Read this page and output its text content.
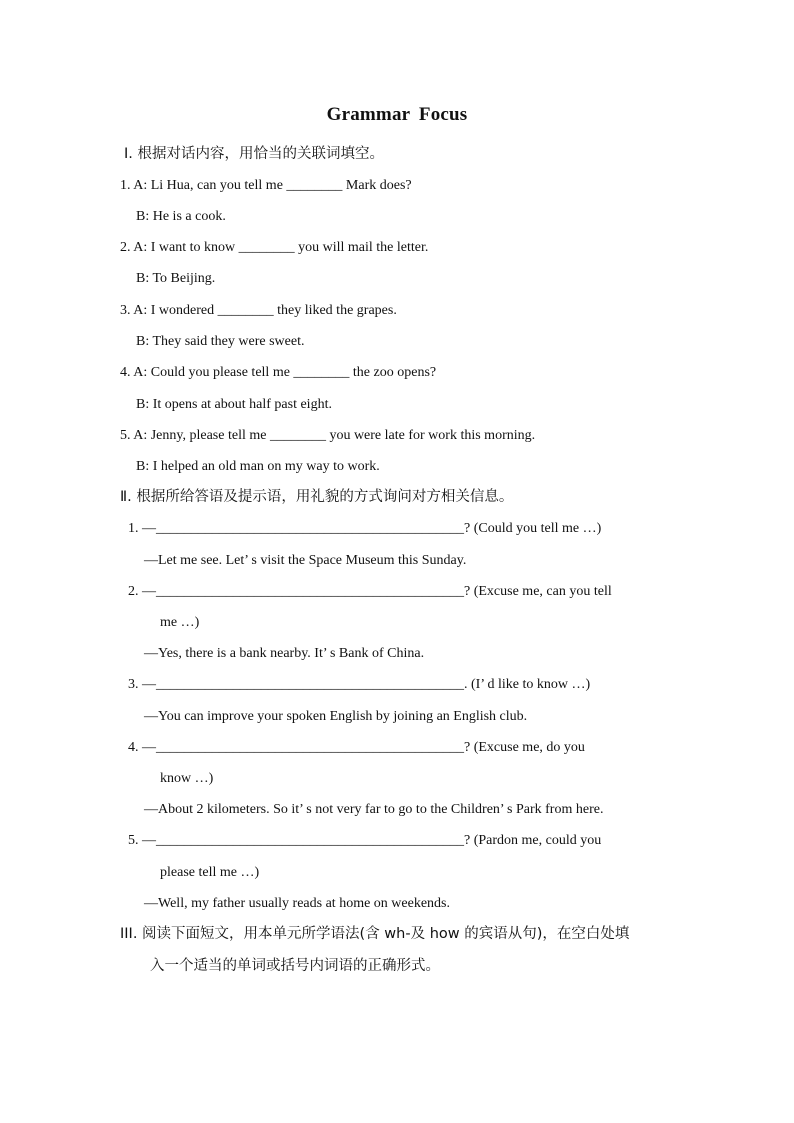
Grammar Focus
Ⅰ. 根据对话内容，用恰当的关联词填空。
1. A: Li Hua, can you tell me ________ Mark does?
B: He is a cook.
2. A: I want to know ________ you will mail the letter.
B: To Beijing.
3. A: I wondered ________ they liked the grapes.
B: They said they were sweet.
4. A: Could you please tell me ________ the zoo opens?
B: It opens at about half past eight.
5. A: Jenny, please tell me ________ you were late for work this morning.
B: I helped an old man on my way to work.
Ⅱ. 根据所给答语及提示语，用礼貌的方式询问对方相关信息。
1. —____________________________________________? (Could you tell me …)
—Let me see. Let’ s visit the Space Museum this Sunday.
2. —____________________________________________? (Excuse me, can you tell
me …)
—Yes, there is a bank nearby. It’ s Bank of China.
3. —____________________________________________. (I’ d like to know …)
—You can improve your spoken English by joining an English club.
4. —____________________________________________? (Excuse me, do you
know …)
—About 2 kilometers. So it’ s not very far to go to the Children’ s Park from here.
5. —____________________________________________? (Pardon me, could you
please tell me …)
—Well, my father usually reads at home on weekends.
III. 阅读下面短文，用本单元所学语法(含 wh-及 how 的宾语从句)，在空白处填
入一个适当的单词或括号内词语的正确形式。
